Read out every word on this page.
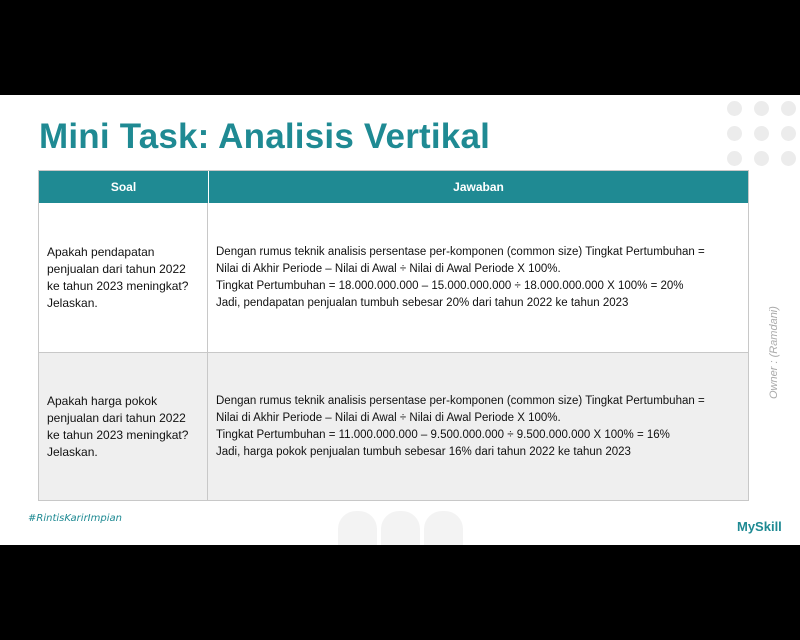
Mini Task: Analisis Vertikal
Soal	Jawaban
Apakah pendapatan penjualan dari tahun 2022 ke tahun 2023 meningkat? Jelaskan.
Dengan rumus teknik analisis persentase per-komponen (common size) Tingkat Pertumbuhan =
Nilai di Akhir Periode – Nilai di Awal ÷ Nilai di Awal Periode X 100%.
Tingkat Pertumbuhan = 18.000.000.000 – 15.000.000.000 ÷ 18.000.000.000 X 100% = 20%
Jadi, pendapatan penjualan tumbuh sebesar 20% dari tahun 2022 ke tahun 2023
Apakah harga pokok penjualan dari tahun 2022 ke tahun 2023 meningkat? Jelaskan.
Dengan rumus teknik analisis persentase per-komponen (common size) Tingkat Pertumbuhan =
Nilai di Akhir Periode – Nilai di Awal ÷ Nilai di Awal Periode X 100%.
Tingkat Pertumbuhan = 11.000.000.000 – 9.500.000.000 ÷ 9.500.000.000 X 100% = 16%
Jadi, harga pokok penjualan tumbuh sebesar 16% dari tahun 2022 ke tahun 2023
Owner : (Ramdani)
#RintisKarirImpian
MySkill
